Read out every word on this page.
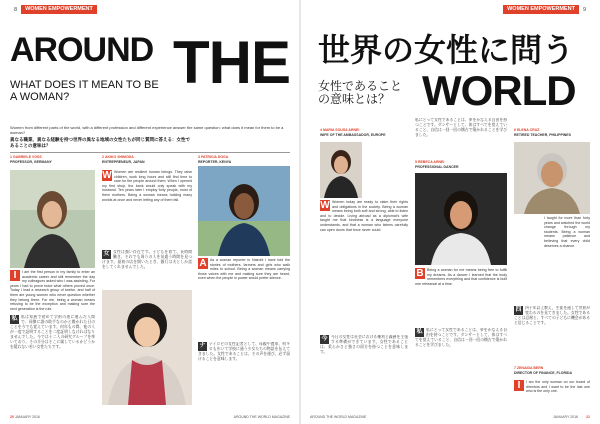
8	WOMEN EMPOWERMENT
AROUND
WHAT DOES IT MEAN TO BE A WOMAN?
THE
Women from different parts of the world, with a different profession and different experience answer the same question: what does it mean for them to be a woman?
異なる職業、異なる経験を持つ世界の異なる地域の女性たちが同じ質問に答える：女性であることの意味は？
1 GABRIELE VOSS
PROFESSOR, GERMANY
I	I am the first person in my family to enter an academic career and still remember the day my colleagues asked who I was assisting. For years I had to prove twice what others proved once. Today I lead a research group of twelve, and half of them are young women who never question whether they belong there. For me, being a woman means refusing to be the exception and making sure the next generation is the rule.
私 私は家族で初めて学術の道に進んだ人間で、同僚に誰の助手なのかと聞かれた日のことを今でも覚えています。何年もの間、他の人が一度で証明することを二度証明しなければなりませんでした。今では十二人の研究グループを率いており、その半分はそこに属しているかどうかを疑わない若い女性たちです。
2 AKIKO SHIMODA
ENTREPRENEUR, JAPAN
W Women are resilient human beings. They raise children, work long hours and still find time to care for the people around them. When I opened my first shop, the bank would only speak with my husband. Ten years later I employ forty people, most of them mothers. Being a woman means holding many worlds at once and never letting any of them fall.
女 女性は強い存在です。子どもを育て、長時間働き、それでも周りの人を気遣う時間を見つけます。最初の店を開いたとき、銀行は夫としか話をしてくれませんでした。
3 PATRICIA DOGA
REPORTER, KENYA
A As a woman reporter in Nairobi I have told the stories of mothers, farmers and girls who walk miles to school. Being a woman means carrying those voices with me and making sure they are heard, even when the people in power would prefer silence.
ナ ナイロビの女性記者として、母親や農家、何キロも歩いて学校に通う少女たちの物語を伝えてきました。女性であることは、その声を運び、必ず届けることを意味します。
20 JANUARY 2016	AROUND THE WORLD MAGAZINE
WOMEN EMPOWERMENT	9
世界の女性に問う
女性であること
の意味とは？ WORLD
4 MARIA SOUSA ARNEI
WIFE OF THE AMBASSADOR, EUROPE
W Women today are ready to claim their rights and obligations in the society. Being a woman means being both soft and strong, able to listen and to decide. Living abroad as a diplomat's wife taught me that kindness is a language everyone understands, and that a woman who listens carefully can open doors that force never could.
今 今日の女性は社会における権利と義務を主張する準備ができています。女性であることは、柔らかさと強さの両方を持つことを意味します。
私にとって女性であることは、夢をかなえる自由を持つことです。ダンサーとして、体はすべてを覚えていること、自信は一回一回の稽古で築かれることを学びました。
5 REBECA ARNEI
PROFESSIONAL DANCER
B Being a woman for me means being free to fulfill my dreams. As a dancer I learned that the body remembers everything and that confidence is built one rehearsal at a time.
私 私にとって女性であることは、夢をかなえる自由を持つことです。ダンサーとして、体はすべてを覚えていること、自信は一回一回の稽古で築かれることを学びました。
6 ELENA CRUZ
RETIRED TEACHER, PHILIPPINES
I taught for more than forty years and watched the world change through my students. Being a woman means patience and believing that every child deserves a chance.
四 四十年以上教え、生徒を通して世界が変わるのを見てきました。女性であることは忍耐と、すべての子どもに機会があると信じることです。
7 ZENAIDA BERN
DIRECTOR OF FINANCE, FLORIDA
I	I am the only woman on our board of directors and I want to be the last one who is the only one.
AROUND THE WORLD MAGAZINE	JANUARY 2016 21
